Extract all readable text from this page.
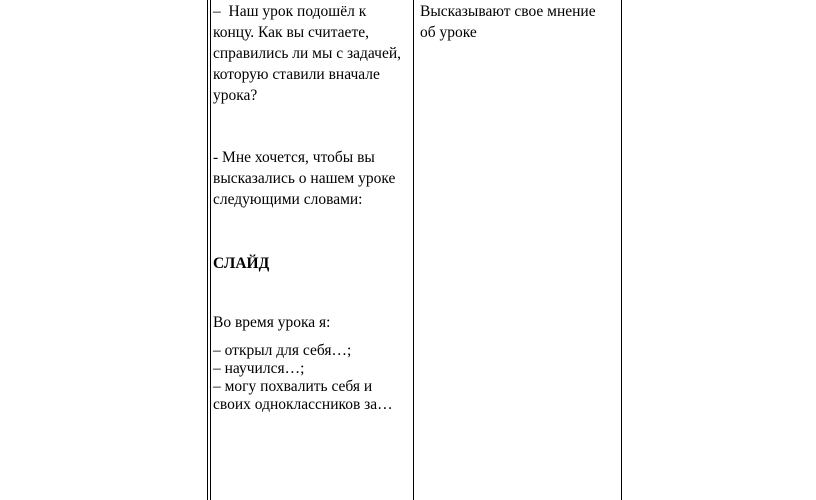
–  Наш урок подошёл к

концу. Как вы считаете,

справились ли мы с задачей,

которую ставили вначале

урока?

- Мне хочется, чтобы вы

высказались о нашем уроке

следующими словами:

СЛАЙД

Во время урока я:

– открыл для себя…;

– научился…;

– могу похвалить себя и

своих одноклассников за…

Высказывают свое мнение

об уроке
